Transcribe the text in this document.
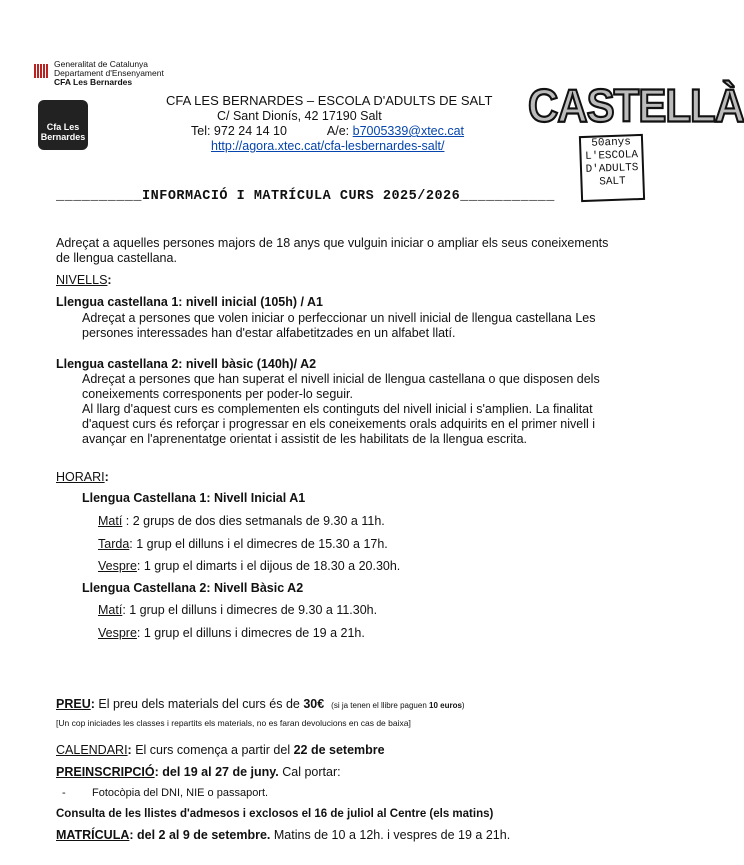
Generalitat de Catalunya
Departament d'Ensenyament
CFA Les Bernardes
Cfa Les Bernardes
CFA LES BERNARDES – ESCOLA D'ADULTS DE SALT
C/ Sant Dionís, 42 17190 Salt
Tel: 972 24 14 10	A/e: b7005339@xtec.cat
http://agora.xtec.cat/cfa-lesbernardes-salt/
CASTELLÀ
50anys L'ESCOLA D'ADULTS SALT
__________INFORMACIÓ I MATRÍCULA CURS 2025/2026___________
Adreçat a aquelles persones majors de 18 anys que vulguin iniciar o ampliar els seus coneixements
de llengua castellana.
NIVELLS:
Llengua castellana 1: nivell inicial (105h) / A1
Adreçat a persones que volen iniciar o perfeccionar un nivell inicial de llengua castellana Les
persones interessades han d'estar alfabetitzades en un alfabet llatí.
Llengua castellana 2: nivell bàsic (140h)/ A2
Adreçat a persones que han superat el nivell inicial de llengua castellana o que disposen dels
coneixements corresponents per poder-lo seguir.
Al llarg d'aquest curs es complementen els continguts del nivell inicial i s'amplien. La finalitat
d'aquest curs és reforçar i progressar en els coneixements orals adquirits en el primer nivell i
avançar en l'aprenentatge orientat i assistit de les habilitats de la llengua escrita.
HORARI:
Llengua Castellana 1: Nivell Inicial A1
Matí : 2 grups de dos dies setmanals de 9.30 a 11h.
Tarda: 1 grup el dilluns i el dimecres de 15.30 a 17h.
Vespre: 1 grup el dimarts i el dijous de 18.30 a 20.30h.
Llengua Castellana 2: Nivell Bàsic A2
Matí: 1 grup el dilluns i dimecres de 9.30 a 11.30h.
Vespre: 1 grup el dilluns i dimecres de 19 a 21h.
PREU: El preu dels materials del curs és de 30€ (si ja tenen el llibre paguen 10 euros)
[Un cop iniciades les classes i repartits els materials, no es faran devolucions en cas de baixa]
CALENDARI: El curs comença a partir del 22 de setembre
PREINSCRIPCIÓ: del 19 al 27 de juny. Cal portar:
- Fotocòpia del DNI, NIE o passaport.
Consulta de les llistes d'admesos i exclosos el 16 de juliol al Centre (els matins)
MATRÍCULA: del 2 al 9 de setembre. Matins de 10 a 12h. i vespres de 19 a 21h.
